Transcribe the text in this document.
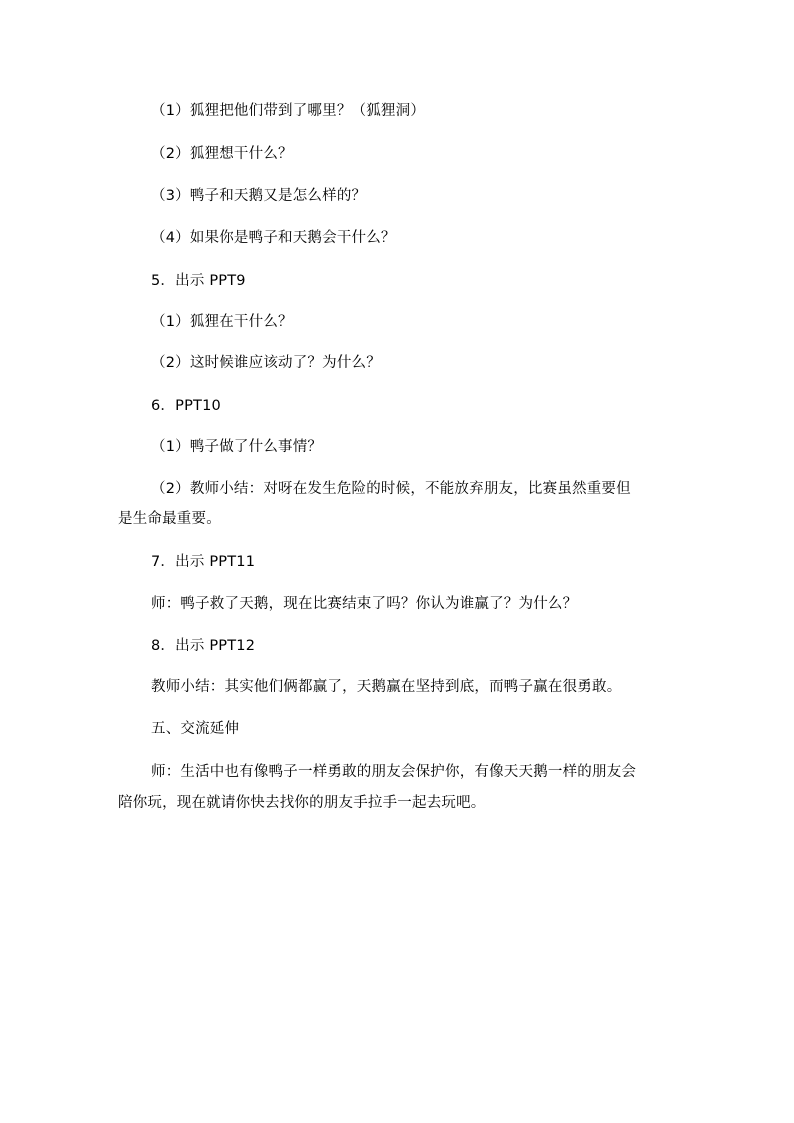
（1）狐狸把他们带到了哪里？（狐狸洞）
（2）狐狸想干什么？
（3）鸭子和天鹅又是怎么样的？
（4）如果你是鸭子和天鹅会干什么？
5．出示 PPT9
（1）狐狸在干什么？
（2）这时候谁应该动了？为什么？
6．PPT10
（1）鸭子做了什么事情？
（2）教师小结：对呀在发生危险的时候，不能放弃朋友，比赛虽然重要但
是生命最重要。
7．出示 PPT11
师：鸭子救了天鹅，现在比赛结束了吗？你认为谁赢了？为什么？
8．出示 PPT12
教师小结：其实他们俩都赢了，天鹅赢在坚持到底，而鸭子赢在很勇敢。
五、交流延伸
师：生活中也有像鸭子一样勇敢的朋友会保护你，有像天天鹅一样的朋友会
陪你玩，现在就请你快去找你的朋友手拉手一起去玩吧。
